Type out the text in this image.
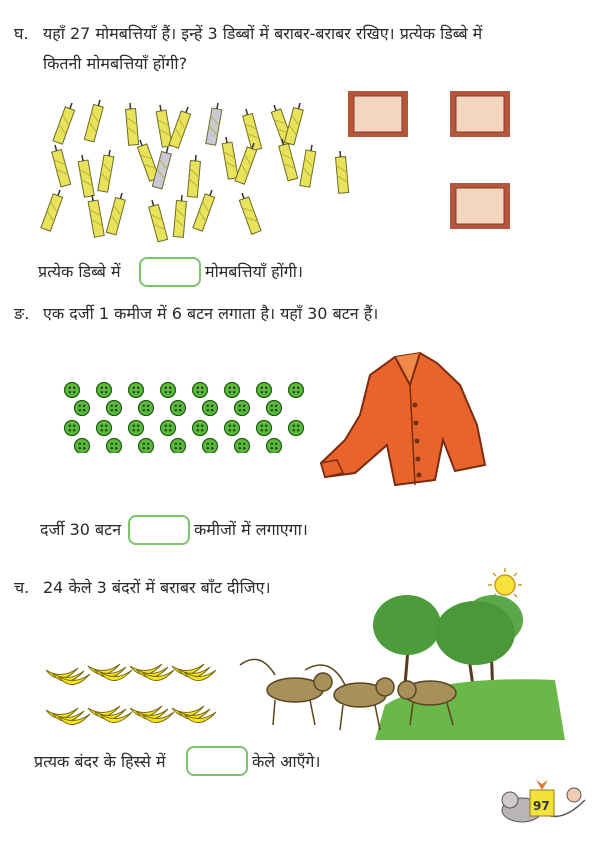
घ. यहाँ 27 मोमबत्तियाँ हैं। इन्हें 3 डिब्बों में बराबर-बराबर रखिए। प्रत्येक डिब्बे में
कितनी मोमबत्तियाँ होंगी?
प्रत्येक डिब्बे में	मोमबत्तियाँ होंगी।
ङ. एक दर्जी 1 कमीज में 6 बटन लगाता है। यहाँ 30 बटन हैं।
दर्जी 30 बटन	कमीजों में लगाएगा।
च. 24 केले 3 बंदरों में बराबर बाँट दीजिए।
प्रत्यक बंदर के हिस्से में	केले आएँगे।
97
